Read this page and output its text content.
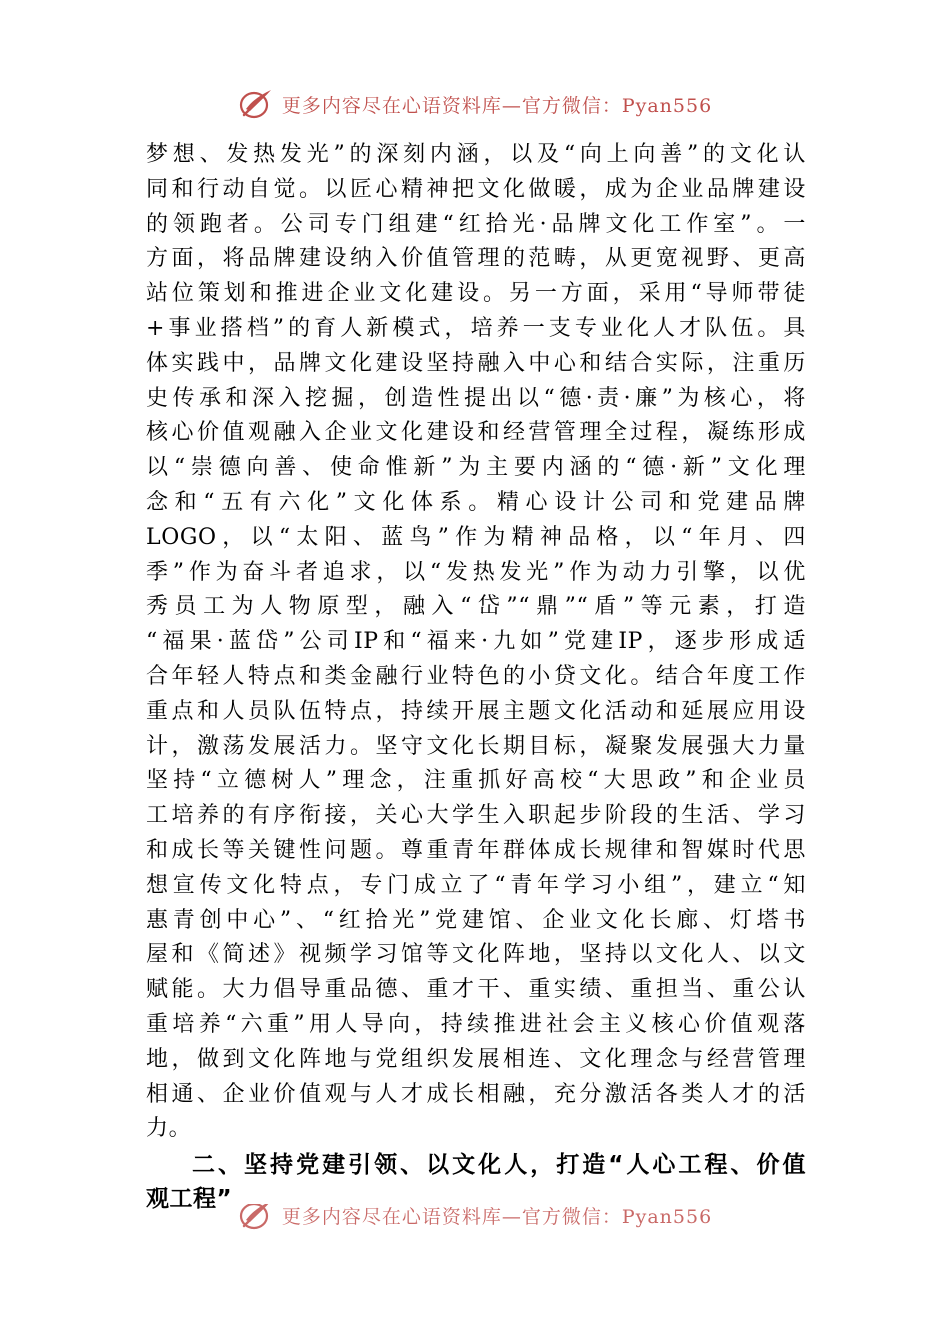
更多内容尽在心语资料库—官方微信：Pyan556
梦想、发热发光”的深刻内涵，以及“向上向善”的文化认
同和行动自觉。以匠心精神把文化做暖，成为企业品牌建设
的领跑者。公司专门组建“红拾光·品牌文化工作室”。一
方面，将品牌建设纳入价值管理的范畴，从更宽视野、更高
站位策划和推进企业文化建设。另一方面，采用“导师带徒
+事业搭档”的育人新模式，培养一支专业化人才队伍。具
体实践中，品牌文化建设坚持融入中心和结合实际，注重历
史传承和深入挖掘，创造性提出以“德·责·廉”为核心，将
核心价值观融入企业文化建设和经营管理全过程，凝练形成
以“崇德向善、使命惟新”为主要内涵的“德·新”文化理
念和“五有六化”文化体系。精心设计公司和党建品牌
LOGO，以“太阳、蓝鸟”作为精神品格，以“年月、四
季”作为奋斗者追求，以“发热发光”作为动力引擎，以优
秀员工为人物原型，融入“岱”“鼎”“盾”等元素，打造
“福果·蓝岱”公司IP和“福来·九如”党建IP，逐步形成适
合年轻人特点和类金融行业特色的小贷文化。结合年度工作
重点和人员队伍特点，持续开展主题文化活动和延展应用设
计，激荡发展活力。坚守文化长期目标，凝聚发展强大力量
坚持“立德树人”理念，注重抓好高校“大思政”和企业员
工培养的有序衔接，关心大学生入职起步阶段的生活、学习
和成长等关键性问题。尊重青年群体成长规律和智媒时代思
想宣传文化特点，专门成立了“青年学习小组”，建立“知
惠青创中心”、“红拾光”党建馆、企业文化长廊、灯塔书
屋和《简述》视频学习馆等文化阵地，坚持以文化人、以文
赋能。大力倡导重品德、重才干、重实绩、重担当、重公认
重培养“六重”用人导向，持续推进社会主义核心价值观落
地，做到文化阵地与党组织发展相连、文化理念与经营管理
相通、企业价值观与人才成长相融，充分激活各类人才的活
力。
二、坚持党建引领、以文化人，打造“人心工程、价值
观工程”
更多内容尽在心语资料库—官方微信：Pyan556
